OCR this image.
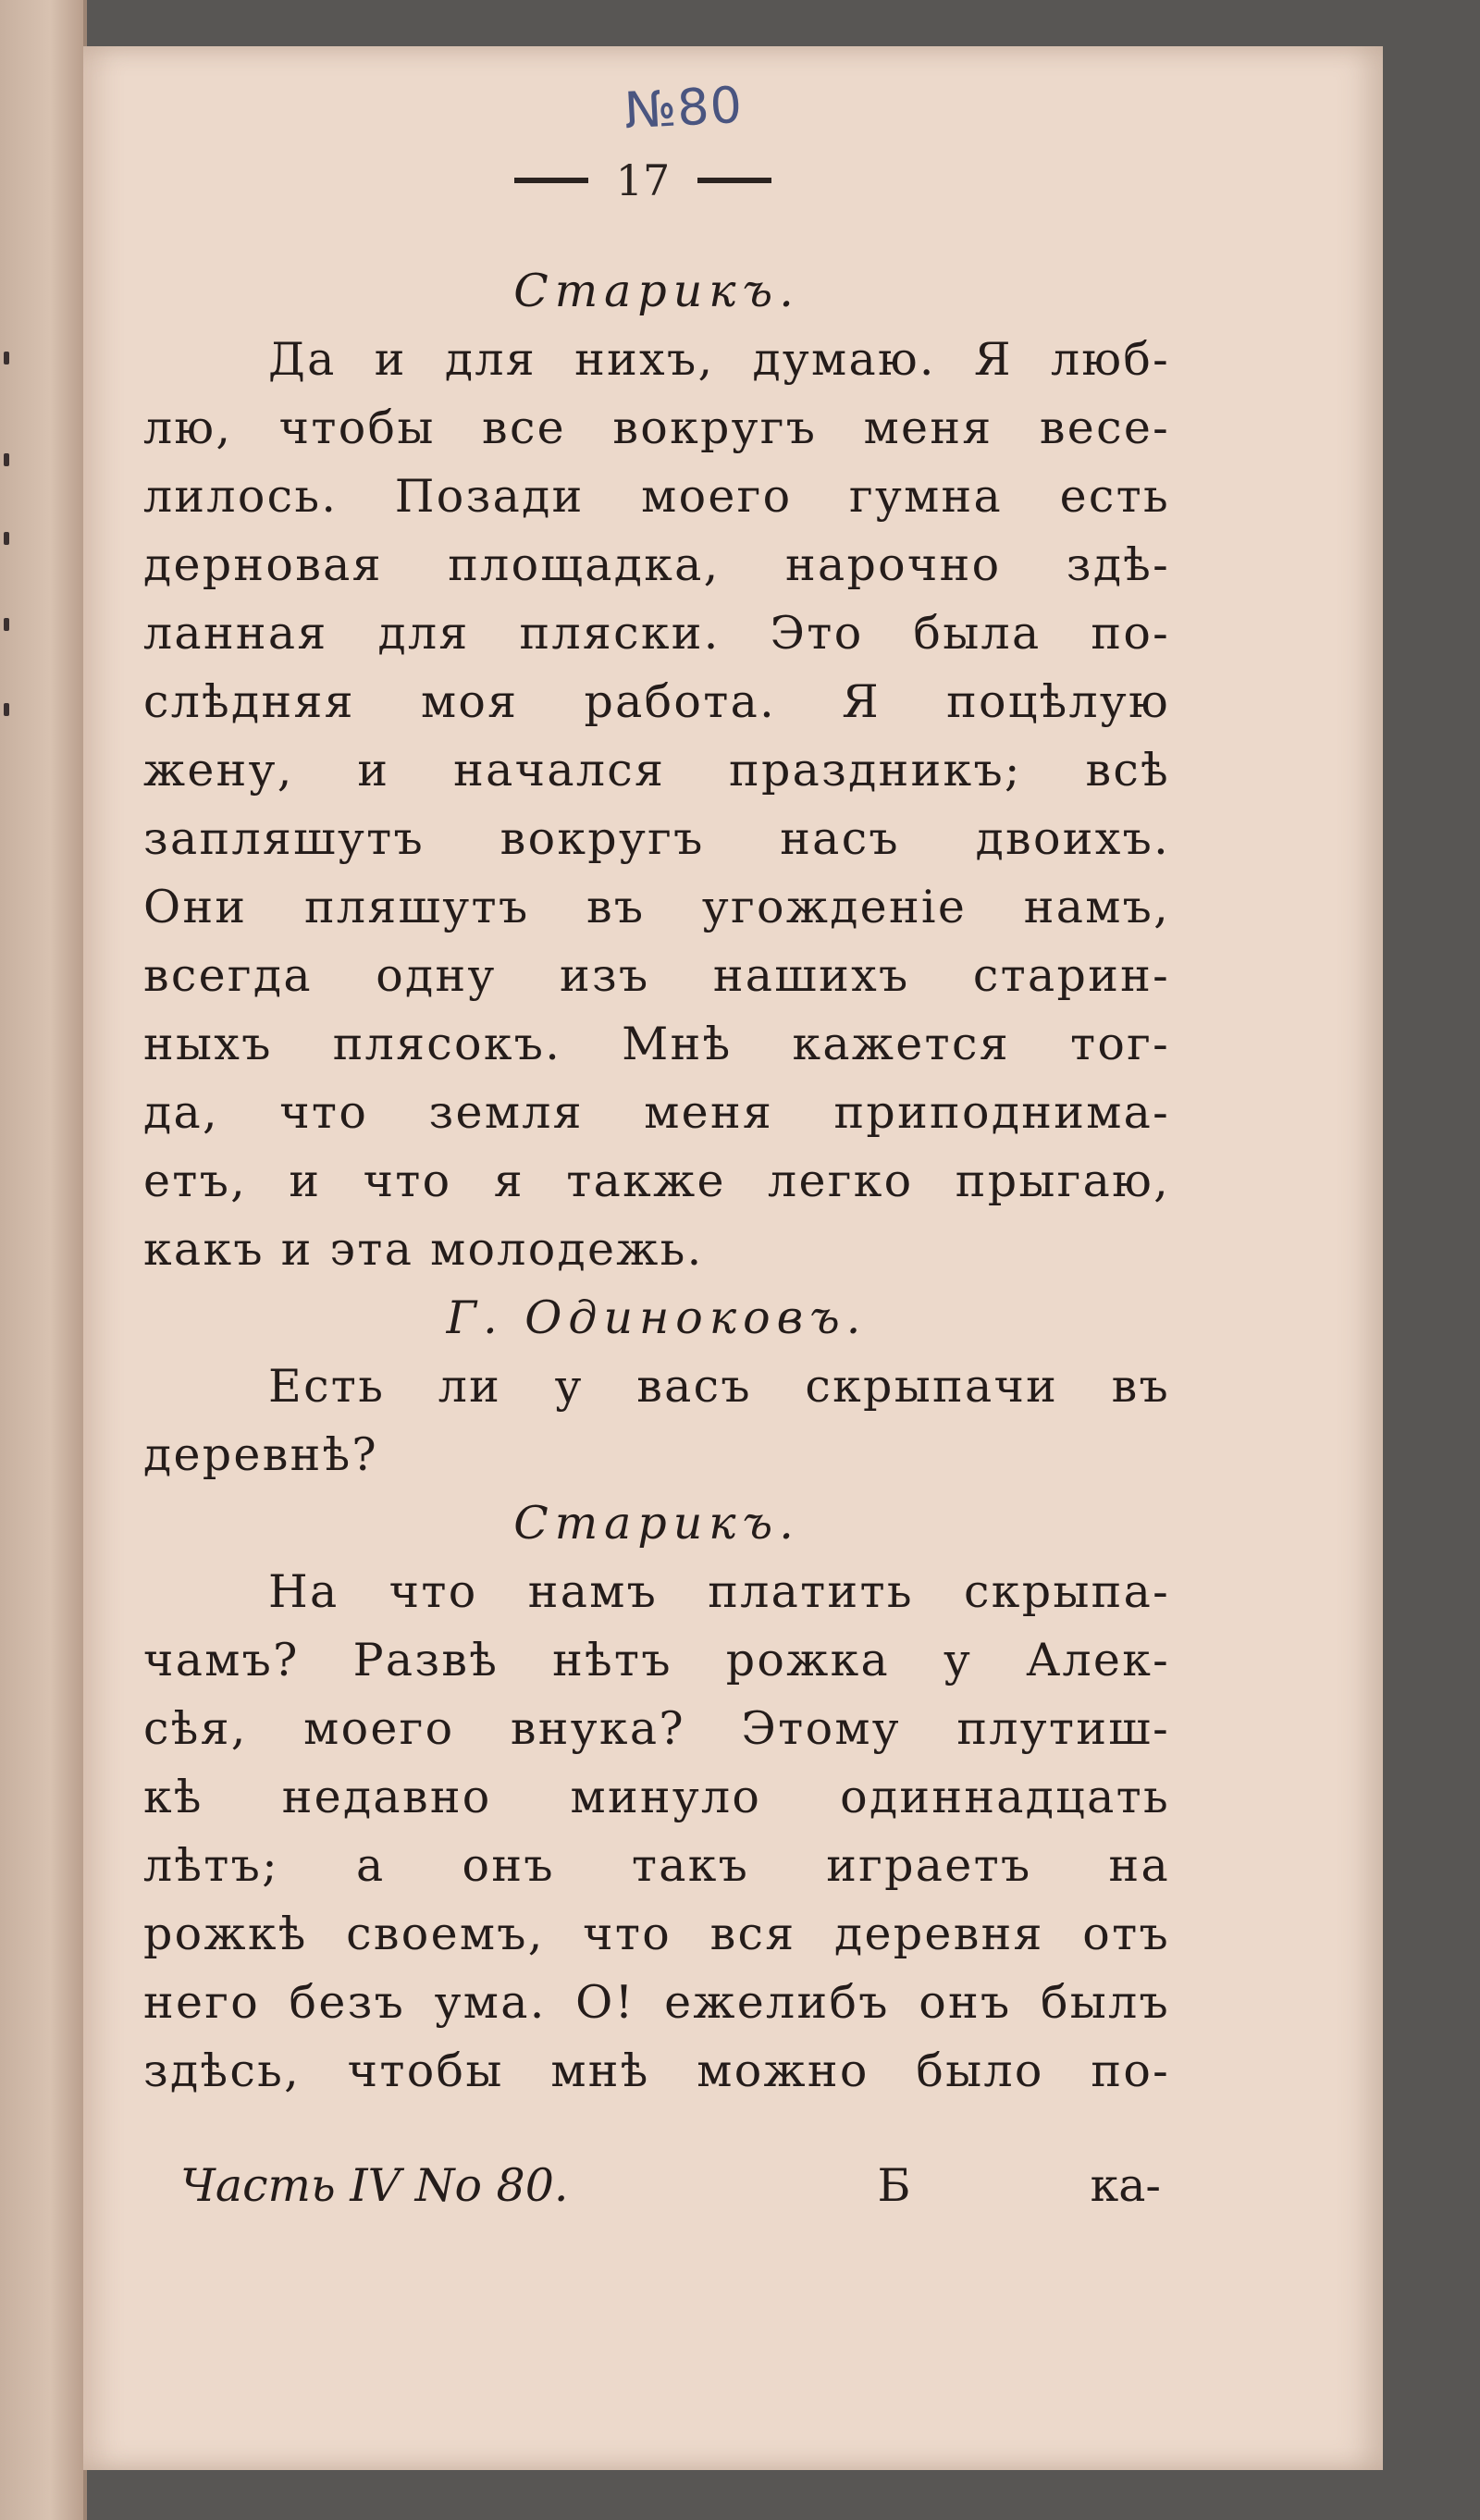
№80
17
Старикъ.
Да и для нихъ, думаю. Я люб-
лю, чтобы все вокругъ меня весе-
лилось. Позади моего гумна есть
дерновая площадка, нарочно здѣ-
ланная для пляски. Это была по-
слѣдняя моя работа. Я поцѣлую
жену, и начался праздникъ; всѣ
запляшутъ вокругъ насъ двоихъ.
Они пляшутъ въ угожденіе намъ,
всегда одну изъ нашихъ старин-
ныхъ плясокъ. Мнѣ кажется тог-
да, что земля меня приподнима-
етъ, и что я также легко прыгаю,
какъ и эта молодежь.
Г. Одиноковъ.
Есть ли у васъ скрыпачи въ
деревнѣ?
Старикъ.
На что намъ платить скрыпа-
чамъ? Развѣ нѣтъ рожка у Алек-
сѣя, моего внука? Этому плутиш-
кѣ недавно минуло одиннадцать
лѣтъ; а онъ такъ играетъ на
рожкѣ своемъ, что вся деревня отъ
него безъ ума. О! ежелибъ онъ былъ
здѣсь, чтобы мнѣ можно было по-
Часть IV No 80.	Б	ка-
